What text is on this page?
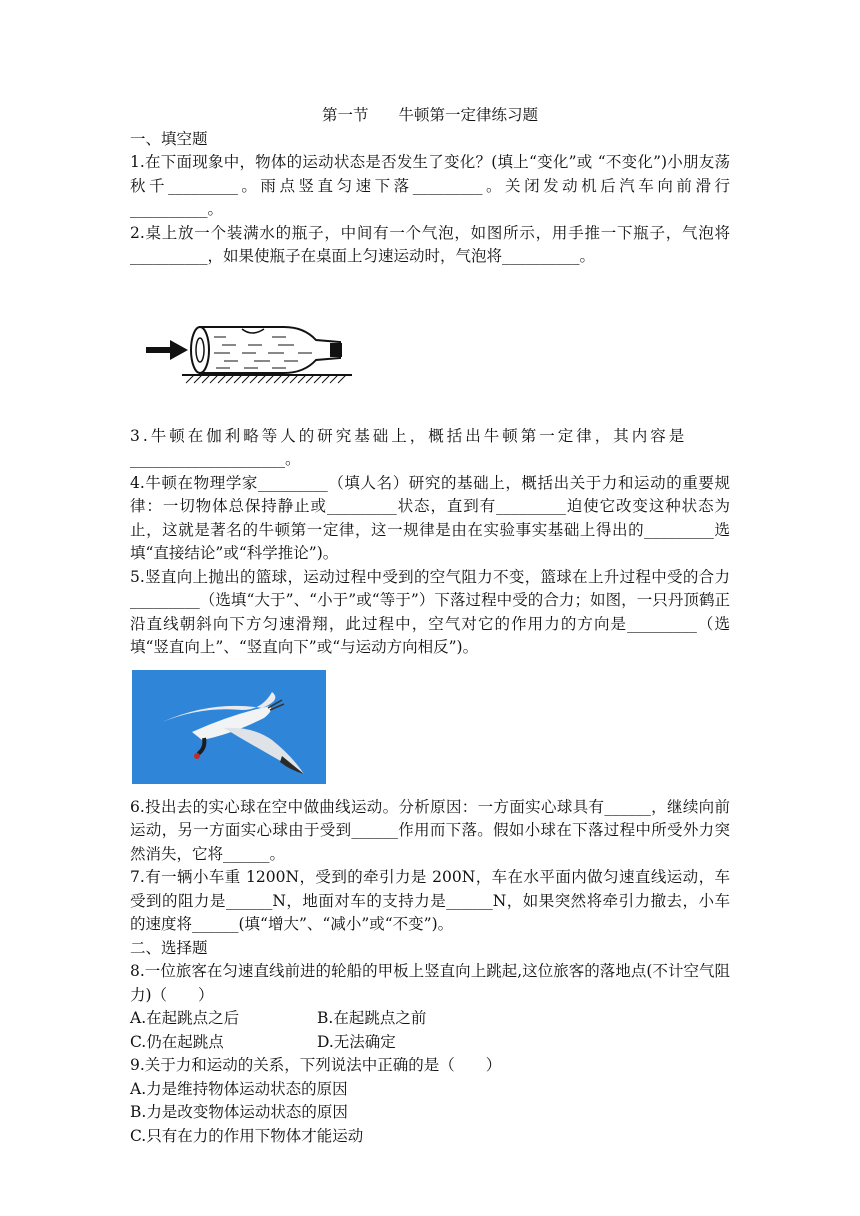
第一节 牛顿第一定律练习题

一、填空题

1.在下面现象中，物体的运动状态是否发生了变化？(填上“变化”或 “不变化”)小朋友荡秋千_________。雨点竖直匀速下落_________。关闭发动机后汽车向前滑行__________。

2.桌上放一个装满水的瓶子，中间有一个气泡，如图所示，用手推一下瓶子，气泡将__________，如果使瓶子在桌面上匀速运动时，气泡将__________。

3.牛顿在伽利略等人的研究基础上，概括出牛顿第一定律，其内容是

____________________。

4.牛顿在物理学家_________（填人名）研究的基础上，概括出关于力和运动的重要规律：一切物体总保持静止或_________状态，直到有_________迫使它改变这种状态为止，这就是著名的牛顿第一定律，这一规律是由在实验事实基础上得出的_________选填“直接结论”或“科学推论”)。

5.竖直向上抛出的篮球，运动过程中受到的空气阻力不变，篮球在上升过程中受的合力_________（选填“大于”、“小于”或“等于”）下落过程中受的合力；如图，一只丹顶鹤正沿直线朝斜向下方匀速滑翔，此过程中，空气对它的作用力的方向是_________（选填“竖直向上”、“竖直向下”或“与运动方向相反”)。

6.投出去的实心球在空中做曲线运动。分析原因：一方面实心球具有______，继续向前运动，另一方面实心球由于受到______作用而下落。假如小球在下落过程中所受外力突然消失，它将______。

7.有一辆小车重 1200N，受到的牵引力是 200N，车在水平面内做匀速直线运动，车受到的阻力是______N，地面对车的支持力是______N，如果突然将牵引力撤去，小车的速度将______(填“增大”、“减小”或“不变”)。

二、选择题

8.一位旅客在匀速直线前进的轮船的甲板上竖直向上跳起,这位旅客的落地点(不计空气阻力)（　　）

A.在起跳点之后	B.在起跳点之前
C.仍在起跳点	D.无法确定

9.关于力和运动的关系，下列说法中正确的是（　　）

A.力是维持物体运动状态的原因

B.力是改变物体运动状态的原因

C.只有在力的作用下物体才能运动
